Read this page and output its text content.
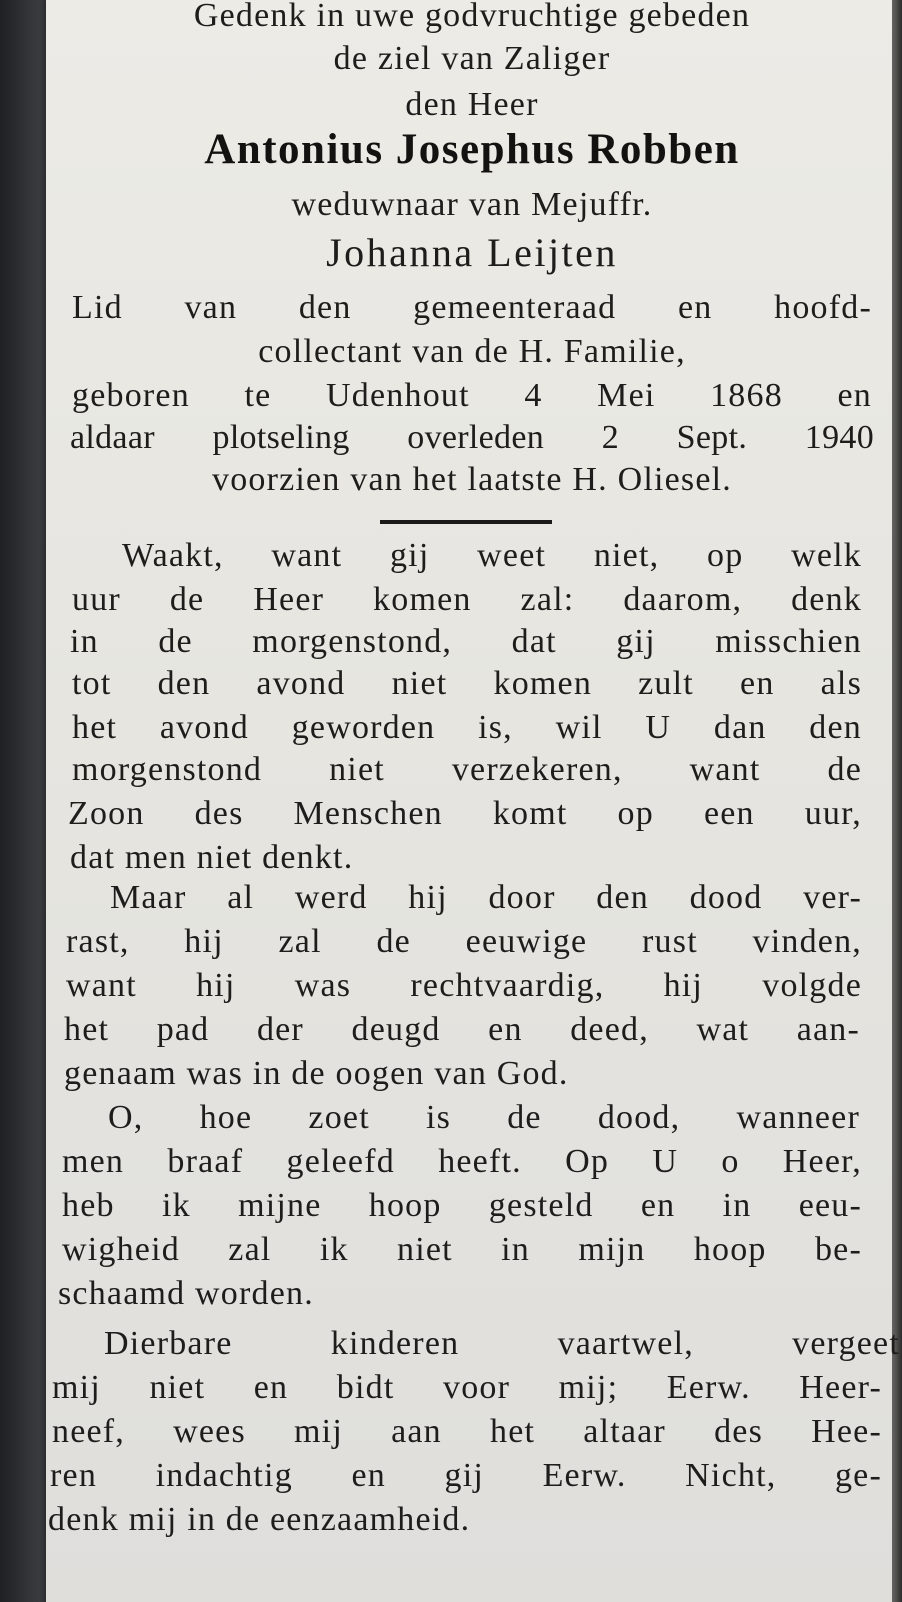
Gedenk in uwe godvruchtige gebeden
de ziel van Zaliger
den Heer
Antonius Josephus Robben
weduwnaar van Mejuffr.
Johanna Leijten
Lid van den gemeenteraad en hoofd-
collectant van de H. Familie,
geboren te Udenhout 4 Mei 1868 en
aldaar plotseling overleden 2 Sept. 1940
voorzien van het laatste H. Oliesel.
Waakt, want gij weet niet, op welk
uur de Heer komen zal: daarom, denk
in de morgenstond, dat gij misschien
tot den avond niet komen zult en als
het avond geworden is, wil U dan den
morgenstond niet verzekeren, want de
Zoon des Menschen komt op een uur,
dat men niet denkt.
Maar al werd hij door den dood ver-
rast, hij zal de eeuwige rust vinden,
want hij was rechtvaardig, hij volgde
het pad der deugd en deed, wat aan-
genaam was in de oogen van God.
O, hoe zoet is de dood, wanneer
men braaf geleefd heeft. Op U o Heer,
heb ik mijne hoop gesteld en in eeu-
wigheid zal ik niet in mijn hoop be-
schaamd worden.
Dierbare kinderen vaartwel, vergeet
mij niet en bidt voor mij; Eerw. Heer-
neef, wees mij aan het altaar des Hee-
ren indachtig en gij Eerw. Nicht, ge-
denk mij in de eenzaamheid.
